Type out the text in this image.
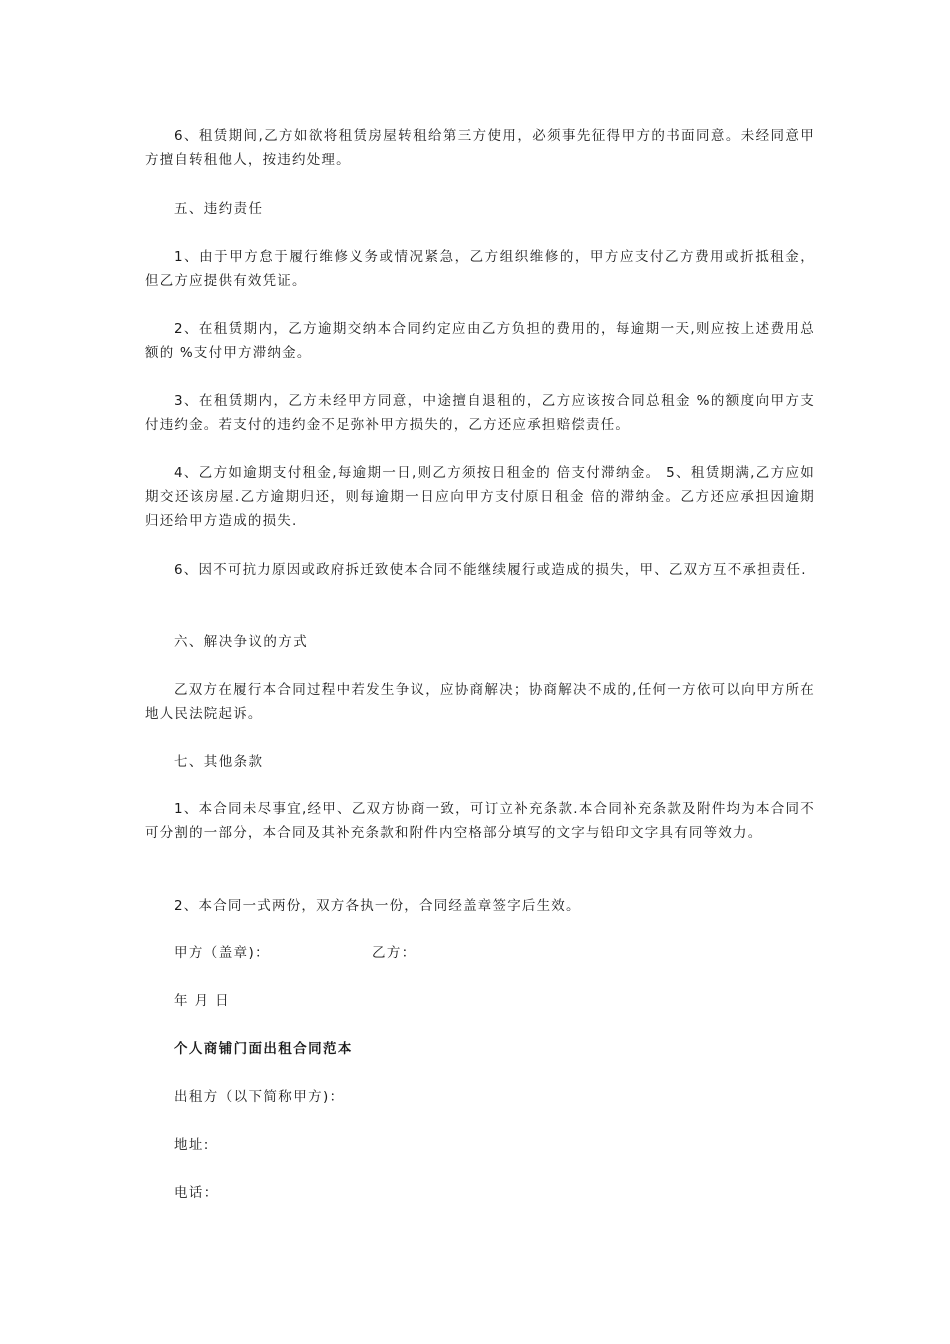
6、租赁期间,乙方如欲将租赁房屋转租给第三方使用，必须事先征得甲方的书面同意。未经同意甲方擅自转租他人，按违约处理。

五、违约责任

1、由于甲方怠于履行维修义务或情况紧急，乙方组织维修的，甲方应支付乙方费用或折抵租金，但乙方应提供有效凭证。

2、在租赁期内，乙方逾期交纳本合同约定应由乙方负担的费用的，每逾期一天,则应按上述费用总额的 %支付甲方滞纳金。

3、在租赁期内，乙方未经甲方同意，中途擅自退租的，乙方应该按合同总租金 %的额度向甲方支付违约金。若支付的违约金不足弥补甲方损失的，乙方还应承担赔偿责任。

4、乙方如逾期支付租金,每逾期一日,则乙方须按日租金的 倍支付滞纳金。 5、租赁期满,乙方应如期交还该房屋.乙方逾期归还，则每逾期一日应向甲方支付原日租金 倍的滞纳金。乙方还应承担因逾期归还给甲方造成的损失.

6、因不可抗力原因或政府拆迁致使本合同不能继续履行或造成的损失，甲、乙双方互不承担责任.

六、解决争议的方式

乙双方在履行本合同过程中若发生争议，应协商解决；协商解决不成的,任何一方依可以向甲方所在地人民法院起诉。

七、其他条款

1、本合同未尽事宜,经甲、乙双方协商一致，可订立补充条款.本合同补充条款及附件均为本合同不可分割的一部分，本合同及其补充条款和附件内空格部分填写的文字与铅印文字具有同等效力。

2、本合同一式两份，双方各执一份，合同经盖章签字后生效。

甲方（盖章)：	乙方：
年 月 日

个人商铺门面出租合同范本

出租方（以下简称甲方)：

地址:

电话：
